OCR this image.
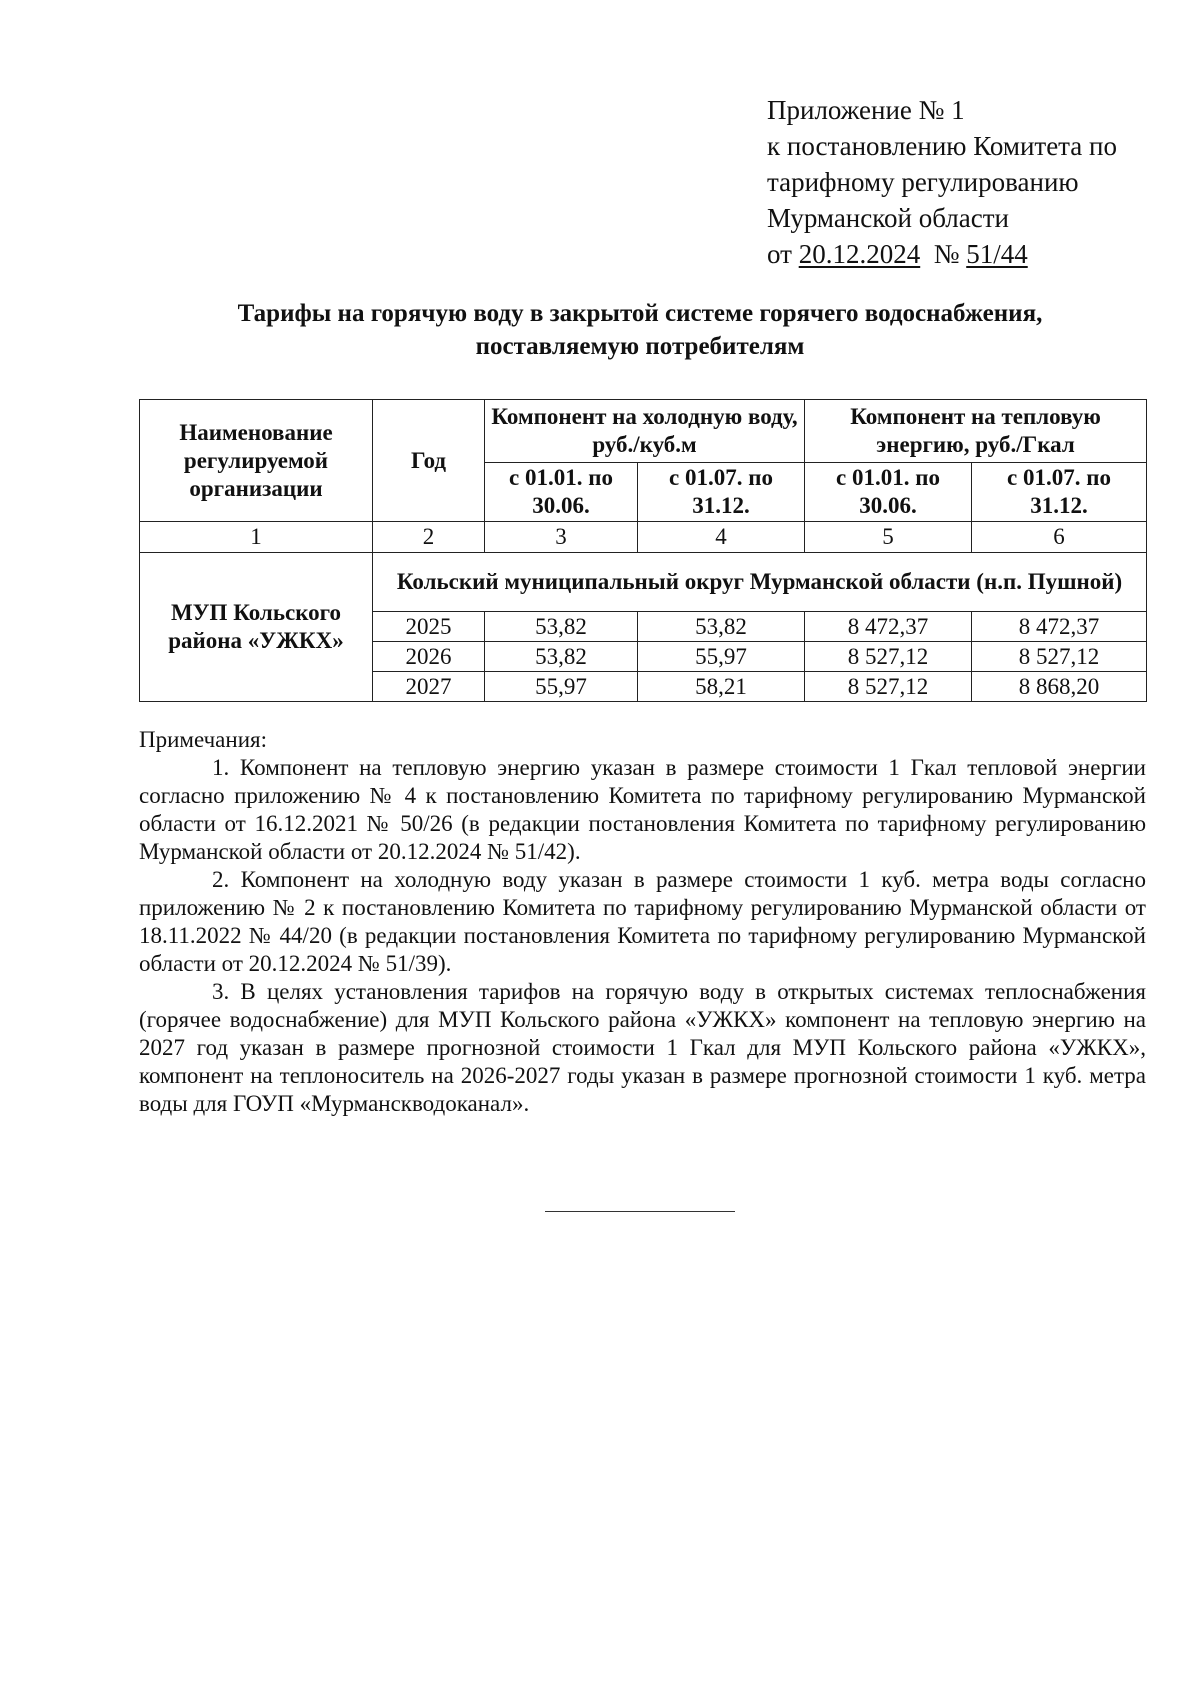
Приложение № 1
к постановлению Комитета по
тарифному регулированию
Мурманской области
от 20.12.2024  № 51/44
Тарифы на горячую воду в закрытой системе горячего водоснабжения,
поставляемую потребителям
Наименование регулируемой организации	Год	Компонент на холодную воду, руб./куб.м		Компонент на тепловую энергию, руб./Гкал	
		с 01.01. по 30.06.	с 01.07. по 31.12.	с 01.01. по 30.06.	с 01.07. по 31.12.
1	2	3	4	5	6
МУП Кольского района «УЖКХ»	Кольский муниципальный округ Мурманской области (н.п. Пушной)				
	2025	53,82	53,82	8 472,37	8 472,37
	2026	53,82	55,97	8 527,12	8 527,12
	2027	55,97	58,21	8 527,12	8 868,20

Примечания:

1. Компонент на тепловую энергию указан в размере стоимости 1 Гкал тепловой энергии согласно приложению № 4 к постановлению Комитета по тарифному регулированию Мурманской области от 16.12.2021 № 50/26 (в редакции постановления Комитета по тарифному регулированию Мурманской области от 20.12.2024 № 51/42).

2. Компонент на холодную воду указан в размере стоимости 1 куб. метра воды согласно приложению № 2 к постановлению Комитета по тарифному регулированию Мурманской области от 18.11.2022 № 44/20 (в редакции постановления Комитета по тарифному регулированию Мурманской области от 20.12.2024 № 51/39).

3. В целях установления тарифов на горячую воду в открытых системах теплоснабжения (горячее водоснабжение) для МУП Кольского района «УЖКХ» компонент на тепловую энергию на 2027 год указан в размере прогнозной стоимости 1 Гкал для МУП Кольского района «УЖКХ», компонент на теплоноситель на 2026-2027 годы указан в размере прогнозной стоимости 1 куб. метра воды для ГОУП «Мурманскводоканал».
